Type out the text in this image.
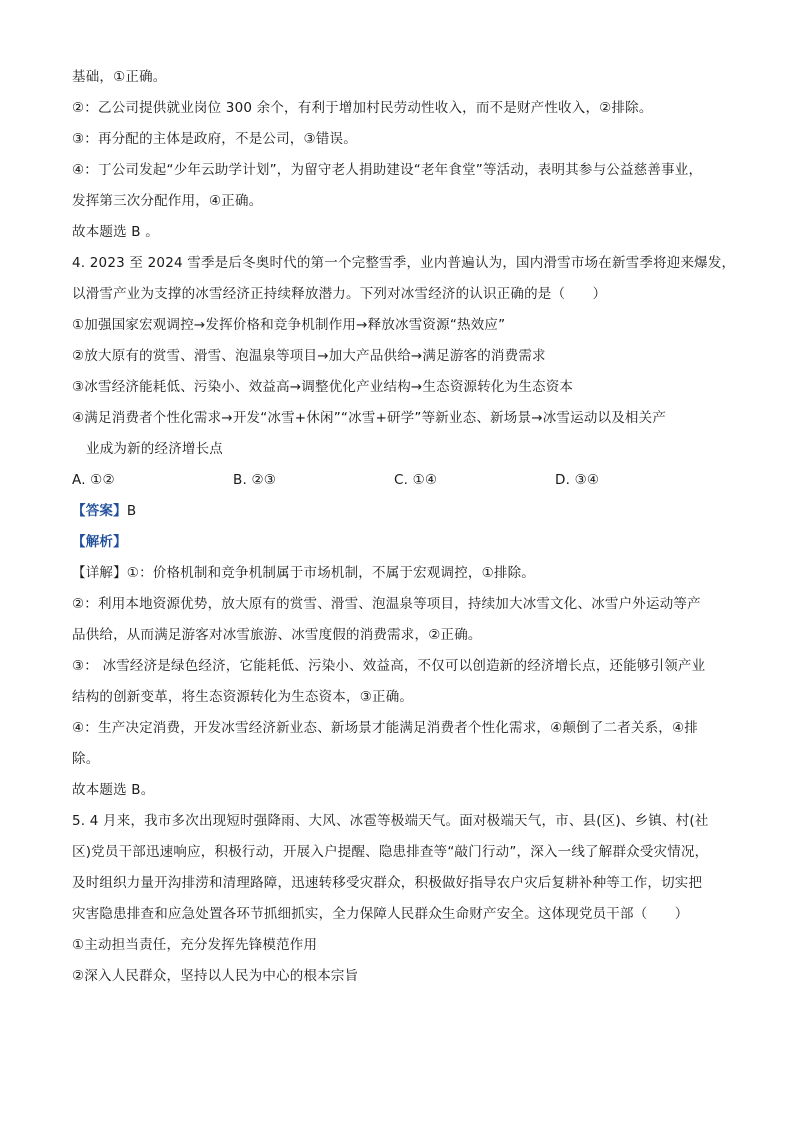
基础，①正确。
②：乙公司提供就业岗位 300 余个，有利于增加村民劳动性收入，而不是财产性收入，②排除。
③：再分配的主体是政府，不是公司，③错误。
④：丁公司发起“少年云助学计划”，为留守老人捐助建设“老年食堂”等活动，表明其参与公益慈善事业，
发挥第三次分配作用，④正确。
故本题选 B 。
4. 2023 至 2024 雪季是后冬奥时代的第一个完整雪季，业内普遍认为，国内滑雪市场在新雪季将迎来爆发，
以滑雪产业为支撑的冰雪经济正持续释放潜力。下列对冰雪经济的认识正确的是（　　）
①加强国家宏观调控→发挥价格和竞争机制作用→释放冰雪资源“热效应”
②放大原有的赏雪、滑雪、泡温泉等项目→加大产品供给→满足游客的消费需求
③冰雪经济能耗低、污染小、效益高→调整优化产业结构→生态资源转化为生态资本
④满足消费者个性化需求→开发“冰雪+休闲”“冰雪+研学”等新业态、新场景→冰雪运动以及相关产
业成为新的经济增长点
A. ①②	B. ②③	C. ①④	D. ③④
【答案】B
【解析】
【详解】①：价格机制和竞争机制属于市场机制，不属于宏观调控，①排除。
②：利用本地资源优势，放大原有的赏雪、滑雪、泡温泉等项目，持续加大冰雪文化、冰雪户外运动等产
品供给，从而满足游客对冰雪旅游、冰雪度假的消费需求，②正确。
③： 冰雪经济是绿色经济，它能耗低、污染小、效益高，不仅可以创造新的经济增长点，还能够引领产业
结构的创新变革，将生态资源转化为生态资本，③正确。
④：生产决定消费，开发冰雪经济新业态、新场景才能满足消费者个性化需求，④颠倒了二者关系，④排
除。
故本题选 B。
5. 4 月来，我市多次出现短时强降雨、大风、冰雹等极端天气。面对极端天气，市、县(区)、乡镇、村(社
区)党员干部迅速响应，积极行动，开展入户提醒、隐患排查等“敲门行动”，深入一线了解群众受灾情况，
及时组织力量开沟排涝和清理路障，迅速转移受灾群众，积极做好指导农户灾后复耕补种等工作，切实把
灾害隐患排查和应急处置各环节抓细抓实，全力保障人民群众生命财产安全。这体现党员干部（　　）
①主动担当责任，充分发挥先锋模范作用
②深入人民群众，坚持以人民为中心的根本宗旨
